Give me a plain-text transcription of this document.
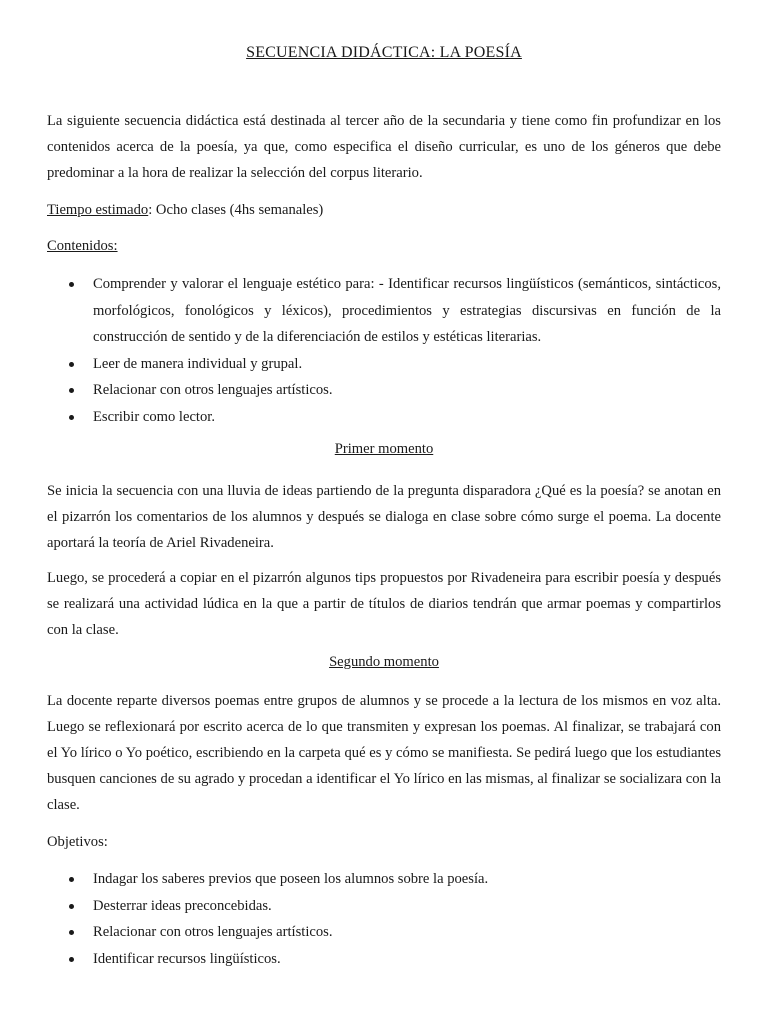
SECUENCIA DIDÁCTICA: LA POESÍA

La siguiente secuencia didáctica está destinada al tercer año de la secundaria y tiene como fin profundizar en los contenidos acerca de la poesía, ya que, como especifica el diseño curricular, es uno de los géneros que debe predominar a la hora de realizar la selección del corpus literario.

Tiempo estimado: Ocho clases (4hs semanales)

Contenidos:

Comprender y valorar el lenguaje estético para: - Identificar recursos lingüísticos (semánticos, sintácticos, morfológicos, fonológicos y léxicos), procedimientos y estrategias discursivas en función de la construcción de sentido y de la diferenciación de estilos y estéticas literarias.
Leer de manera individual y grupal.
Relacionar con otros lenguajes artísticos.
Escribir como lector.
Primer momento

Se inicia la secuencia con una lluvia de ideas partiendo de la pregunta disparadora ¿Qué es la poesía? se anotan en el pizarrón los comentarios de los alumnos y después se dialoga en clase sobre cómo surge el poema. La docente aportará la teoría de Ariel Rivadeneira.

Luego, se procederá a copiar en el pizarrón algunos tips propuestos por Rivadeneira para escribir poesía y después se realizará una actividad lúdica en la que a partir de títulos de diarios tendrán que armar poemas y compartirlos con la clase.

Segundo momento

La docente reparte diversos poemas entre grupos de alumnos y se procede a la lectura de los mismos en voz alta. Luego se reflexionará por escrito acerca de lo que transmiten y expresan los poemas. Al finalizar, se trabajará con el Yo lírico o Yo poético, escribiendo en la carpeta qué es y cómo se manifiesta. Se pedirá luego que los estudiantes busquen canciones de su agrado y procedan a identificar el Yo lírico en las mismas, al finalizar se socializara con la clase.

Objetivos:

Indagar los saberes previos que poseen los alumnos sobre la poesía.
Desterrar ideas preconcebidas.
Relacionar con otros lenguajes artísticos.
Identificar recursos lingüísticos.
